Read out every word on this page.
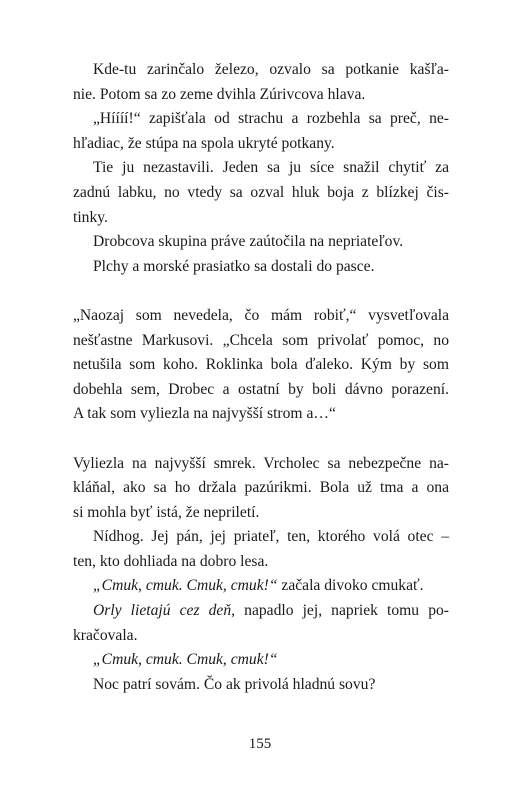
Kde-tu zarinčalo železo, ozvalo sa potkanie kašľa-
nie. Potom sa zo zeme dvihla Zúrivcova hlava.
„Híííí!“ zapišťala od strachu a rozbehla sa preč, ne-
hľadiac, že stúpa na spola ukryté potkany.
Tie ju nezastavili. Jeden sa ju síce snažil chytiť za
zadnú labku, no vtedy sa ozval hluk boja z blízkej čis-
tinky.
Drobcova skupina práve zaútočila na nepriateľov.
Plchy a morské prasiatko sa dostali do pasce.
„Naozaj som nevedela, čo mám robiť,“ vysvetľovala
nešťastne Markusovi. „Chcela som privolať pomoc, no
netušila som koho. Roklinka bola ďaleko. Kým by som
dobehla sem, Drobec a ostatní by boli dávno porazení.
A tak som vyliezla na najvyšší strom a…“
Vyliezla na najvyšší smrek. Vrcholec sa nebezpečne na-
kláňal, ako sa ho držala pazúrikmi. Bola už tma a ona
si mohla byť istá, že nepriletí.
Nídhog. Jej pán, jej priateľ, ten, ktorého volá otec –
ten, kto dohliada na dobro lesa.
„Cmuk, cmuk. Cmuk, cmuk!“ začala divoko cmukať.
Orly lietajú cez deň, napadlo jej, napriek tomu po-
kračovala.
„Cmuk, cmuk. Cmuk, cmuk!“
Noc patrí sovám. Čo ak privolá hladnú sovu?
155
